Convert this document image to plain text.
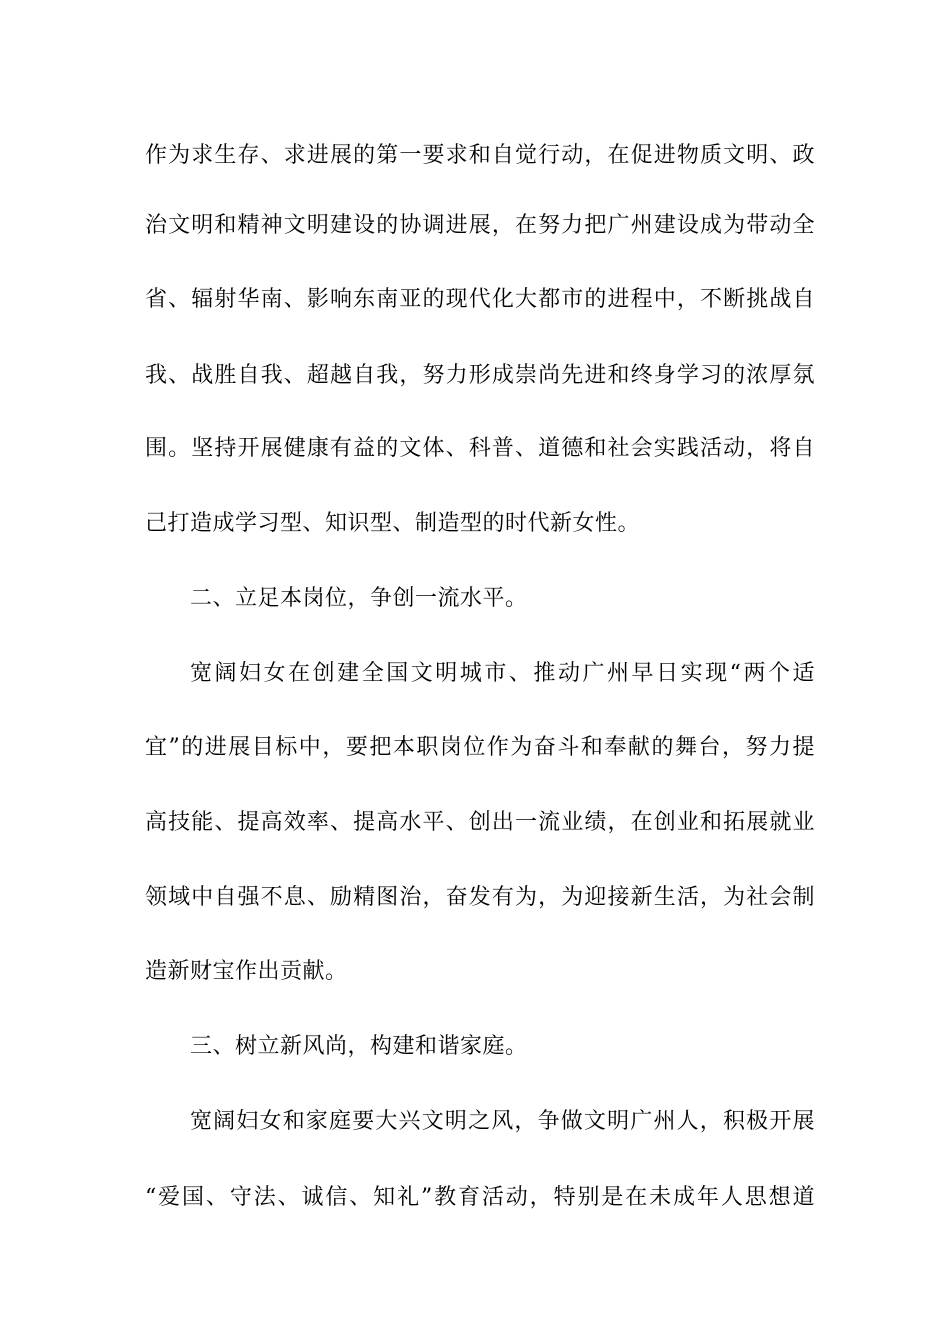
作为求生存、求进展的第一要求和自觉行动，在促进物质文明、政
治文明和精神文明建设的协调进展，在努力把广州建设成为带动全
省、辐射华南、影响东南亚的现代化大都市的进程中，不断挑战自
我、战胜自我、超越自我，努力形成崇尚先进和终身学习的浓厚氛
围。坚持开展健康有益的文体、科普、道德和社会实践活动，将自
己打造成学习型、知识型、制造型的时代新女性。
二、立足本岗位，争创一流水平。
宽阔妇女在创建全国文明城市、推动广州早日实现“两个适
宜”的进展目标中，要把本职岗位作为奋斗和奉献的舞台，努力提
高技能、提高效率、提高水平、创出一流业绩，在创业和拓展就业
领域中自强不息、励精图治，奋发有为，为迎接新生活，为社会制
造新财宝作出贡献。
三、树立新风尚，构建和谐家庭。
宽阔妇女和家庭要大兴文明之风，争做文明广州人，积极开展
“爱国、守法、诚信、知礼”教育活动，特别是在未成年人思想道
